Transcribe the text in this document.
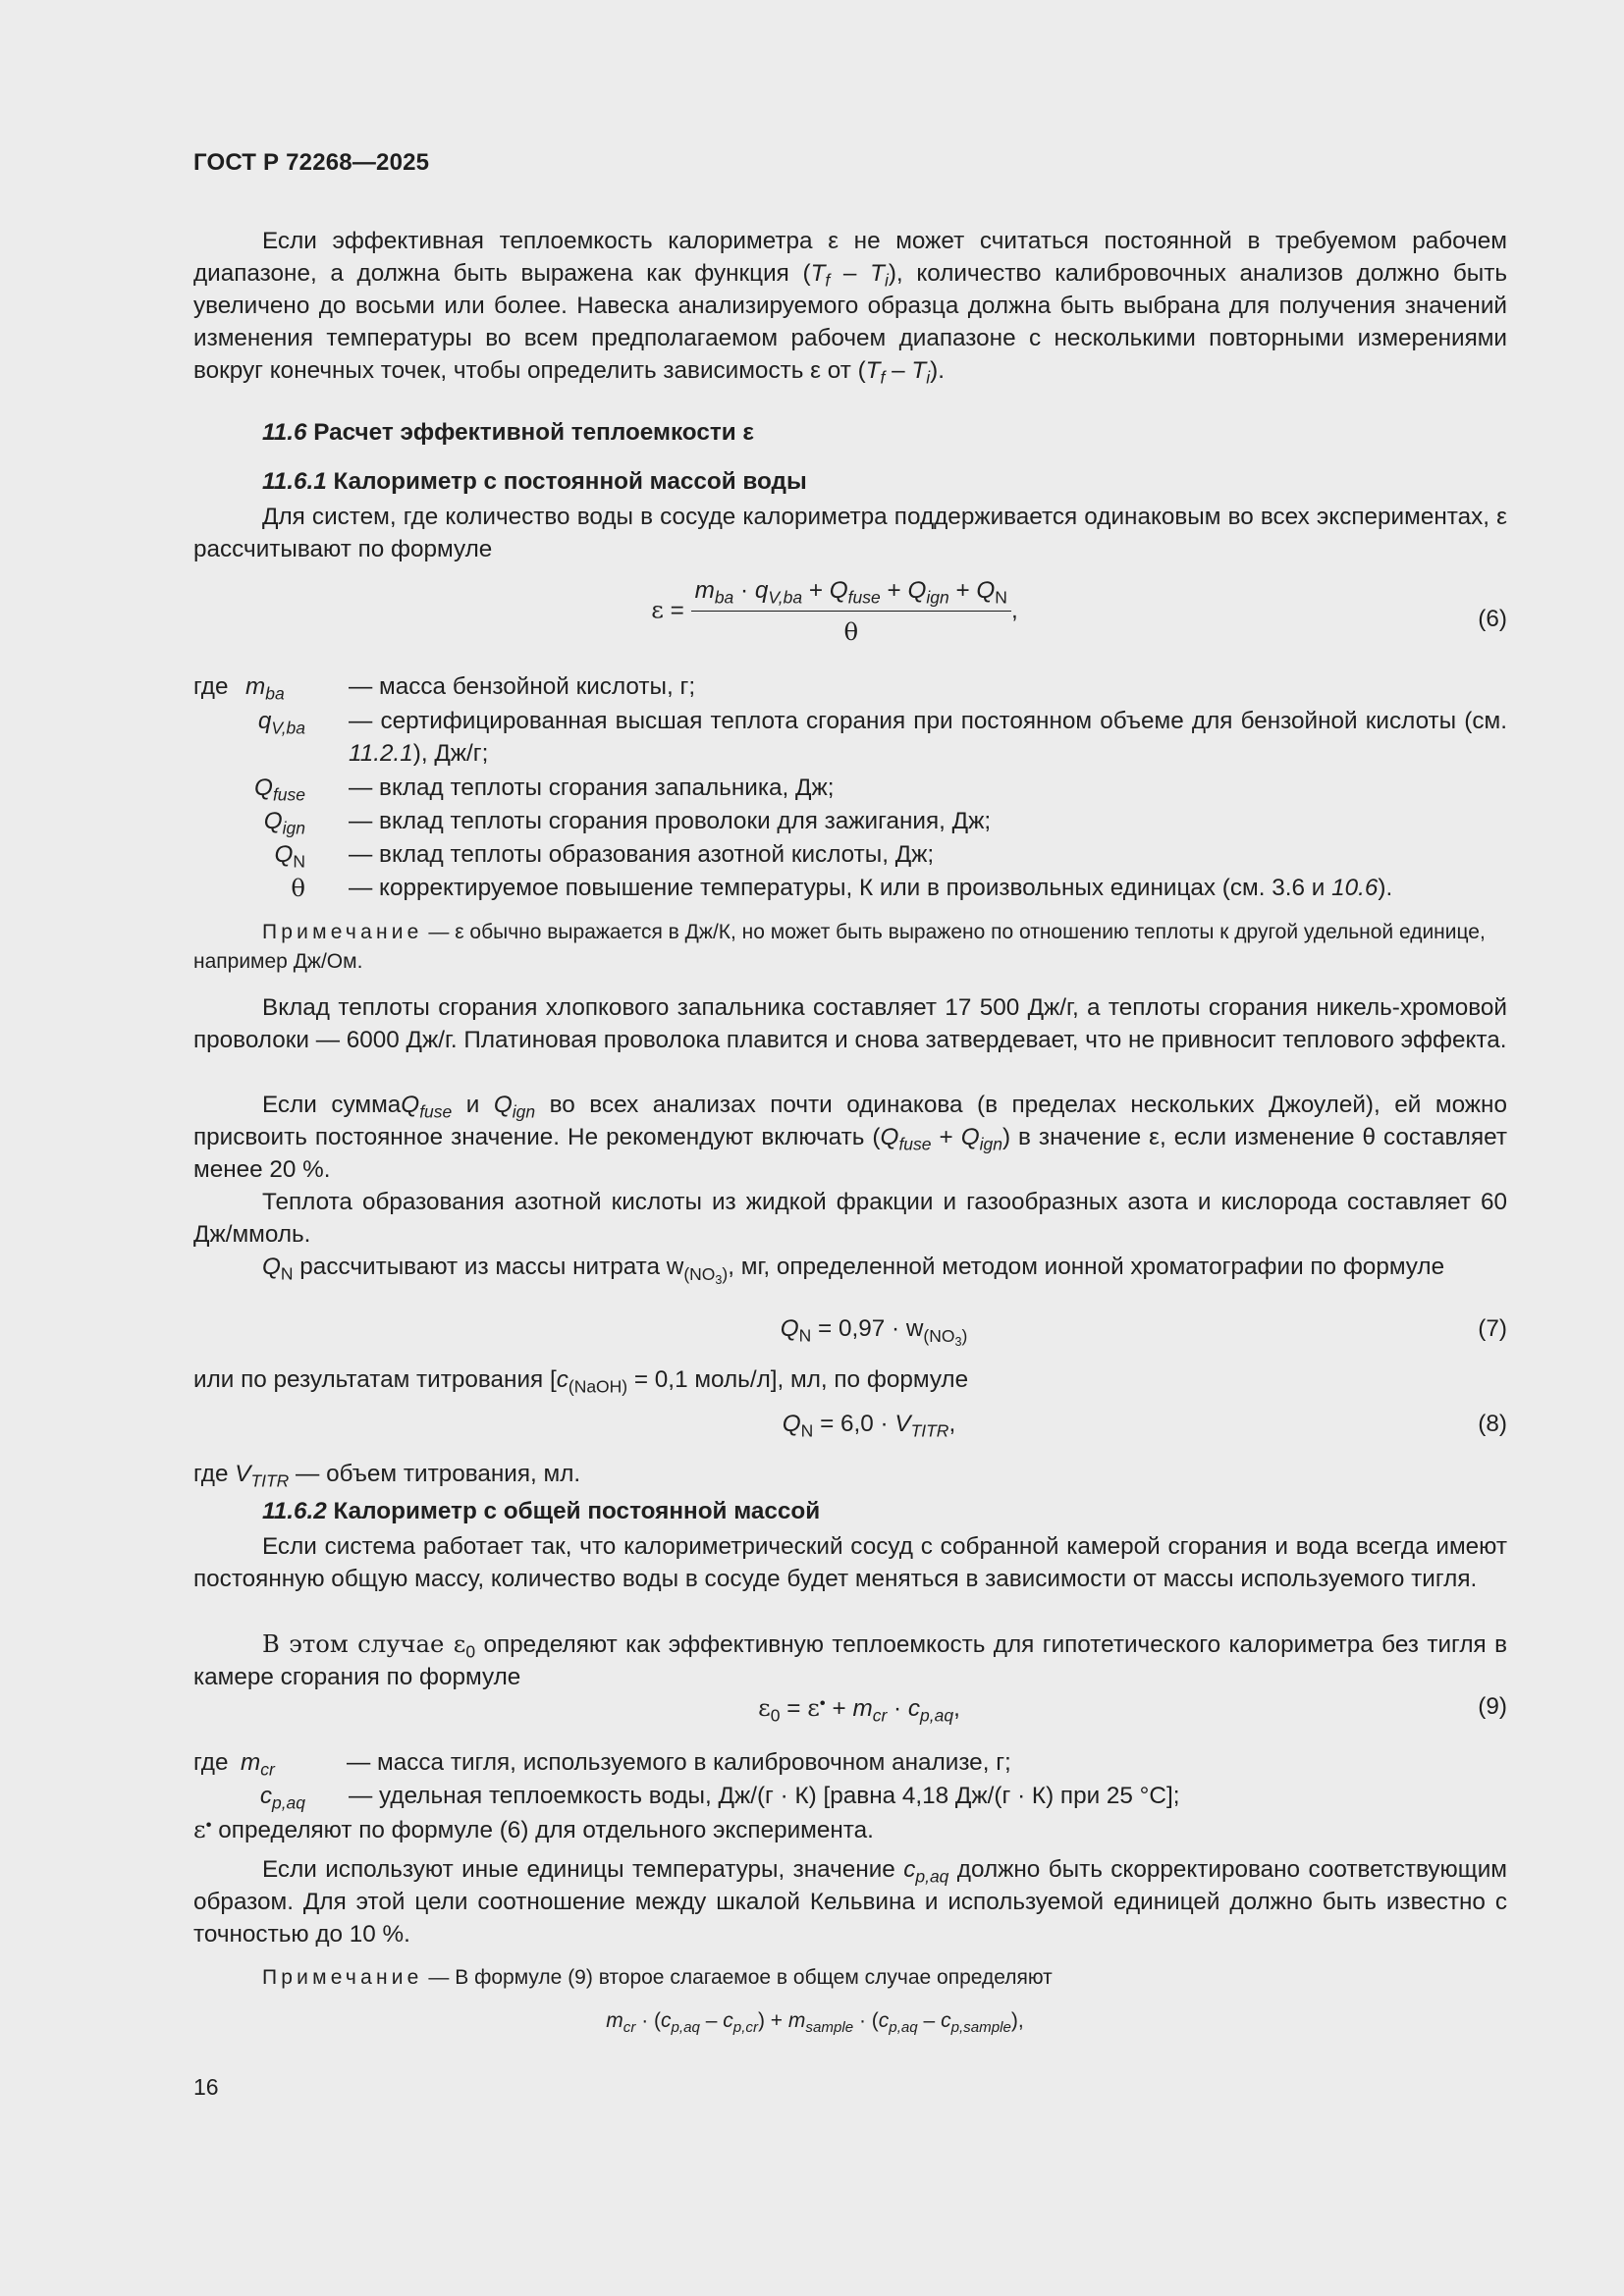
ГОСТ Р 72268—2025
Если эффективная теплоемкость калориметра ε не может считаться постоянной в требуемом рабочем диапазоне, а должна быть выражена как функция $(T_f - T_i)$, количество калибровочных анализов должно быть увеличено до восьми или более. Навеска анализируемого образца должна быть выбрана для получения значений изменения температуры во всем предполагаемом рабочем диапазоне с несколькими повторными измерениями вокруг конечных точек, чтобы определить зависимость ε от $(T_f - T_i)$.
11.6 Расчет эффективной теплоемкости ε
11.6.1 Калориметр с постоянной массой воды
Для систем, где количество воды в сосуде калориметра поддерживается одинаковым во всех экспериментах, ε рассчитывают по формуле
$\varepsilon = \frac{m_{ba} \cdot q_{V,ba} + Q_{fuse} + Q_{ign} + Q_N}{\theta}$ ,	(6)
где $m_{ba}$	— масса бензойной кислоты, г;
$q_{V,ba}$ — сертифицированная высшая теплота сгорания при постоянном объеме для бензойной кислоты (см. 11.2.1), Дж/г;
$Q_{fuse}$ — вклад теплоты сгорания запальника, Дж;
$Q_{ign}$ — вклад теплоты сгорания проволоки для зажигания, Дж;
$Q_N$ — вклад теплоты образования азотной кислоты, Дж;
θ — корректируемое повышение температуры, К или в произвольных единицах (см. 3.6 и 10.6).
Примечание — ε обычно выражается в Дж/К, но может быть выражено по отношению теплоты к другой удельной единице, например Дж/Ом.
Вклад теплоты сгорания хлопкового запальника составляет 17 500 Дж/г, а теплоты сгорания никель-хромовой проволоки — 6000 Дж/г. Платиновая проволока плавится и снова затвердевает, что не привносит теплового эффекта.
Если суммаQ$_{fuse}$ и $Q_{ign}$ во всех анализах почти одинакова (в пределах нескольких Джоулей), ей можно присвоить постоянное значение. Не рекомендуют включать $(Q_{fuse} + Q_{ign})$ в значение ε, если изменение θ составляет менее 20 %.
Теплота образования азотной кислоты из жидкой фракции и газообразных азота и кислорода составляет 60 Дж/ммоль.
$Q_N$ рассчитывают из массы нитрата $w_{(NO_3)}$, мг, определенной методом ионной хроматографии по формуле
$Q_N = 0,97 \cdot w_{(NO_3)}$	(7)
или по результатам титрования [$c_{(NaOH)} = 0,1$ моль/л], мл, по формуле
$Q_N = 6,0 \cdot V_{TITR}$,	(8)
где $V_{TITR}$ — объем титрования, мл.
11.6.2 Калориметр с общей постоянной массой
Если система работает так, что калориметрический сосуд с собранной камерой сгорания и вода всегда имеют постоянную общую массу, количество воды в сосуде будет меняться в зависимости от массы используемого тигля.
В этом случае $\varepsilon_0$ определяют как эффективную теплоемкость для гипотетического калориметра без тигля в камере сгорания по формуле
$\varepsilon_0 = \varepsilon^• + m_{cr} \cdot c_{p,aq}$,	(9)
где $m_{cr}$	— масса тигля, используемого в калибровочном анализе, г;
$c_{p,aq}$ — удельная теплоемкость воды, Дж/(г · К) [равна 4,18 Дж/(г · К) при 25 °С];
ε• определяют по формуле (6) для отдельного эксперимента.
Если используют иные единицы температуры, значение $c_{p,aq}$ должно быть скорректировано соответствующим образом. Для этой цели соотношение между шкалой Кельвина и используемой единицей должно быть известно с точностью до 10 %.
Примечание — В формуле (9) второе слагаемое в общем случае определяют
$m_{cr} \cdot (c_{p,aq} - c_{p,cr}) + m_{sample} \cdot (c_{p,aq} - c_{p,sample})$,
16
